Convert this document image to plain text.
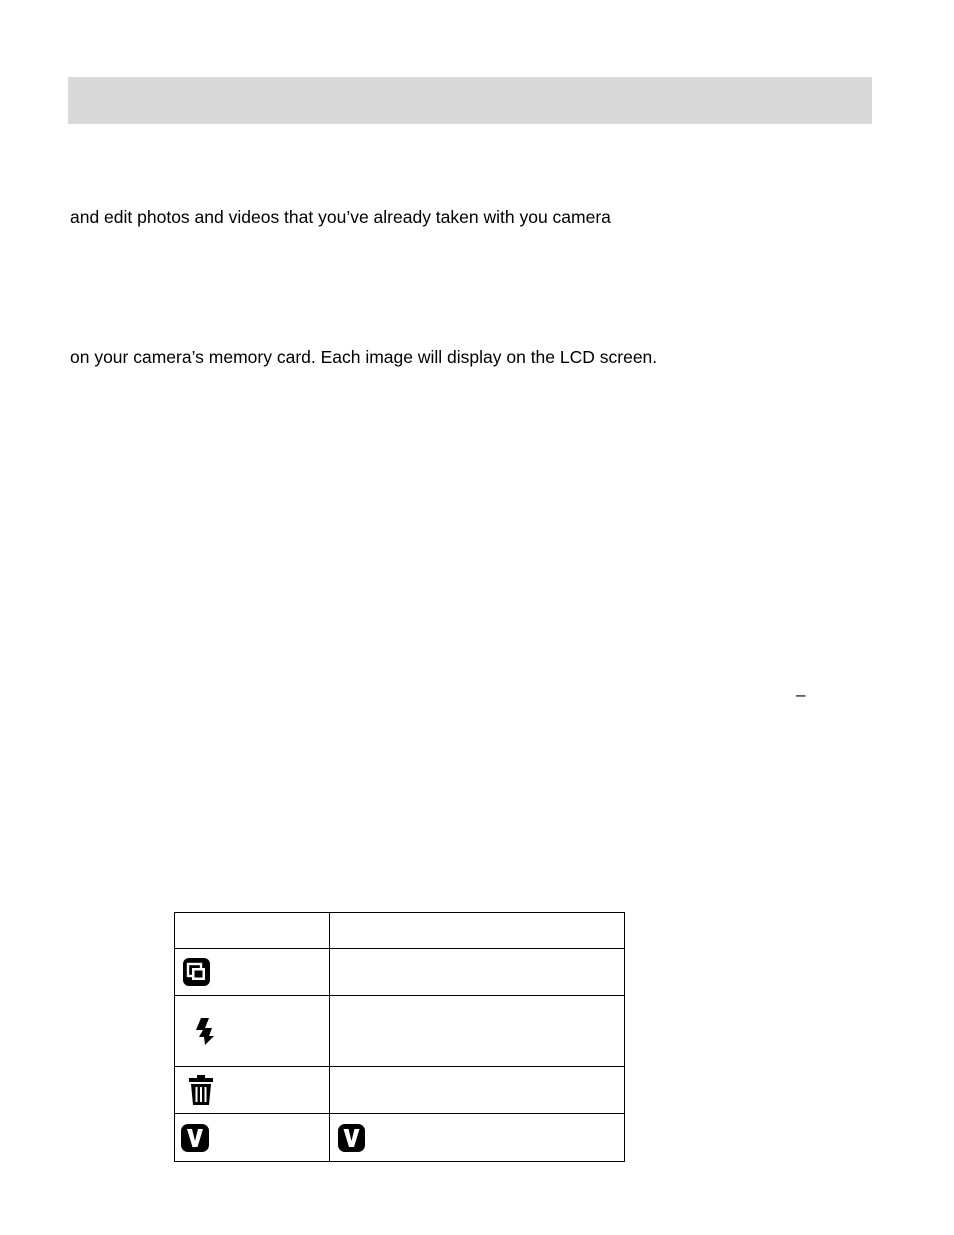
and edit photos and videos that you’ve already taken with you camera
on your camera’s memory card. Each image will display on the LCD screen.
–
